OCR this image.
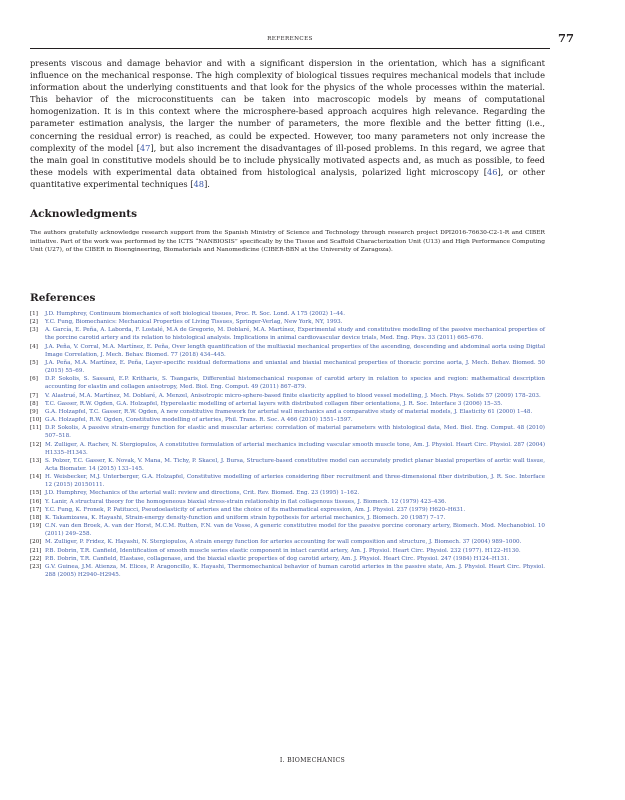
REFERENCES	77

presents viscous and damage behavior and with a significant dispersion in the orientation, which has a significant influence on the mechanical response. The high complexity of biological tissues requires mechanical models that include information about the underlying constituents and that look for the physics of the whole processes within the material. This behavior of the microconstituents can be taken into macroscopic models by means of computational homogenization. It is in this context where the microsphere-based approach acquires high relevance. Regarding the parameter estimation analysis, the larger the number of parameters, the more flexible and the better fitting (i.e., concerning the residual error) is reached, as could be expected. However, too many parameters not only increase the complexity of the model [47], but also increment the disadvantages of ill-posed problems. In this regard, we agree that the main goal in constitutive models should be to include physically motivated aspects and, as much as possible, to feed these models with experimental data obtained from histological analysis, polarized light microscopy [46], or other quantitative experimental techniques [48].

Acknowledgments

The authors gratefully acknowledge research support from the Spanish Ministry of Science and Technology through research project DPI2016-76630-C2-1-R and CIBER initiative. Part of the work was performed by the ICTS “NANBIOSIS” specifically by the Tissue and Scaffold Characterization Unit (U13) and High Performance Computing Unit (U27), of the CIBER in Bioengineering, Biomaterials and Nanomedicine (CIBER-BBN at the University of Zaragoza).

References
[1]	J.D. Humphrey, Continuum biomechanics of soft biological tissues, Proc. R. Soc. Lond. A 175 (2002) 1–44.
[2]	Y.C. Fung, Biomechanics: Mechanical Properties of Living Tissues, Springer-Verlag, New York, NY, 1993.
[3]	A. García, E. Peña, A. Laborda, F. Lostalé, M.A de Gregorio, M. Doblaré, M.A. Martínez, Experimental study and constitutive modelling of the passive mechanical properties of the porcine carotid artery and its relation to histological analysis. Implications in animal cardiovascular device trials, Med. Eng. Phys. 33 (2011) 665–676.
[4]	J.A. Peña, V. Corral, M.A. Martínez, E. Peña, Over length quantification of the multiaxial mechanical properties of the ascending, descending and abdominal aorta using Digital Image Correlation, J. Mech. Behav. Biomed. 77 (2018) 434–445.
[5]	J.A. Peña, M.A. Martínez, E. Peña, Layer-specific residual deformations and uniaxial and biaxial mechanical properties of thoracic porcine aorta, J. Mech. Behav. Biomed. 50 (2015) 55–69.
[6]	D.P. Sokolis, S. Sassani, E.P. Kritharis, S. Tsangaris, Differential histomechanical response of carotid artery in relation to species and region: mathematical description accounting for elastin and collagen anisotropy, Med. Biol. Eng. Comput. 49 (2011) 867–879.
[7]	V. Alastrué, M.A. Martínez, M. Doblaré, A. Menzel, Anisotropic micro-sphere-based finite elasticity applied to blood vessel modelling, J. Mech. Phys. Solids 57 (2009) 178–203.
[8]	T.C. Gasser, R.W. Ogden, G.A. Holzapfel, Hyperelastic modelling of arterial layers with distributed collagen fiber orientations, J. R. Soc. Interface 3 (2006) 15–35.
[9]	G.A. Holzapfel, T.C. Gasser, R.W. Ogden, A new constitutive framework for arterial wall mechanics and a comparative study of material models, J. Elasticity 61 (2000) 1–48.
[10] G.A. Holzapfel, R.W. Ogden, Constitutive modelling of arteries, Phil. Trans. R. Soc. A 466 (2010) 1551–1597.
[11] D.P. Sokolis, A passive strain-energy function for elastic and muscular arteries: correlation of material parameters with histological data, Med. Biol. Eng. Comput. 48 (2010) 507–518.
[12] M. Zulliger, A. Rachev, N. Stergiopulos, A constitutive formulation of arterial mechanics including vascular smooth muscle tone, Am. J. Physiol. Heart Circ. Physiol. 287 (2004) H1335–H1343.
[13] S. Polzer, T.C. Gasser, K. Novak, V. Mana, M. Tichy, P. Skacel, J. Bursa, Structure-based constitutive model can accurately predict planar biaxial properties of aortic wall tissue, Acta Biomater. 14 (2015) 133–145.
[14] H. Weisbecker, M.J. Unterberger, G.A. Holzapfel, Constitutive modelling of arteries considering fiber recruitment and three-dimensional fiber distribution, J. R. Soc. Interface 12 (2015) 20150111.
[15] J.D. Humphrey, Mechanics of the arterial wall: review and directions, Crit. Rev. Biomed. Eng. 23 (1995) 1–162.
[16] Y. Lanir, A structural theory for the homogeneous biaxial stress-strain relationship in flat collagenous tissues, J. Biomech. 12 (1979) 423–436.
[17] Y.C. Fung, K. Fronek, P. Patitucci, Pseudoelasticity of arteries and the choice of its mathematical expression, Am. J. Physiol. 237 (1979) H620–H631.
[18] K. Takamizawa, K. Hayashi, Strain-energy density-function and uniform strain hypothesis for arterial mechanics, J. Biomech. 20 (1987) 7–17.
[19] C.N. van den Broek, A. van der Horst, M.C.M. Rutten, F.N. van de Vosse, A generic constitutive model for the passive porcine coronary artery, Biomech. Mod. Mechanobiol. 10 (2011) 249–258.
[20] M. Zulliger, P. Fridez, K. Hayashi, N. Stergiopulos, A strain energy function for arteries accounting for wall composition and structure, J. Biomech. 37 (2004) 989–1000.
[21] P.B. Dobrin, T.R. Canfield, Identification of smooth muscle series elastic component in intact carotid artery, Am. J. Physiol. Heart Circ. Physiol. 232 (1977). H122–H130.
[22] P.B. Dobrin, T.R. Canfield, Elastase, collagenase, and the biaxial elastic properties of dog carotid artery, Am. J. Physiol. Heart Circ. Physiol. 247 (1984) H124–H131.
[23] G.V. Guinea, J.M. Atienza, M. Elices, P. Aragoncillo, K. Hayashi, Thermomechanical behavior of human carotid arteries in the passive state, Am. J. Physiol. Heart Circ. Physiol. 288 (2005) H2940–H2945.
I. BIOMECHANICS
